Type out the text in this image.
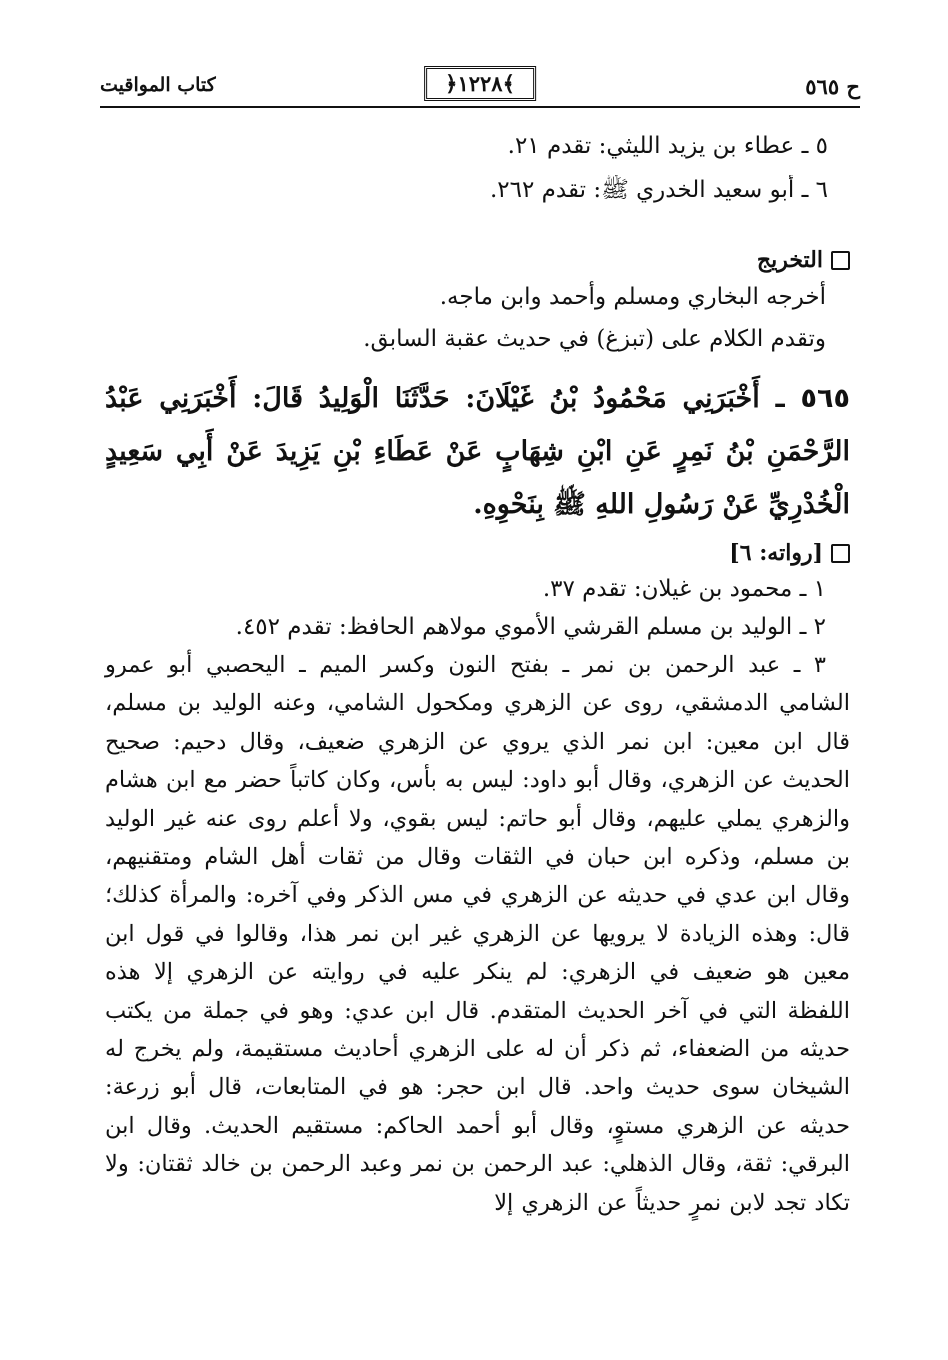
ح ٥٦٥
﴿١٢٢٨﴾
كتاب المواقيت
٥ ـ عطاء بن يزيد الليثي: تقدم ٢١.
٦ ـ أبو سعيد الخدري ﷺ: تقدم ٢٦٢.
التخريج
أخرجه البخاري ومسلم وأحمد وابن ماجه.
وتقدم الكلام على (تبزغ) في حديث عقبة السابق.
٥٦٥ ـ أَخْبَرَنِي مَحْمُودُ بْنُ غَيْلَانَ: حَدَّثَنَا الْوَلِيدُ قَالَ: أَخْبَرَنِي عَبْدُ الرَّحْمَنِ بْنُ نَمِرٍ عَنِ ابْنِ شِهَابٍ عَنْ عَطَاءِ بْنِ يَزِيدَ عَنْ أَبِي سَعِيدٍ الْخُدْرِيِّ عَنْ رَسُولِ اللهِ ﷺ بِنَحْوِهِ.
[رواته: ٦]
١ ـ محمود بن غيلان: تقدم ٣٧.
٢ ـ الوليد بن مسلم القرشي الأموي مولاهم الحافظ: تقدم ٤٥٢.
٣ ـ عبد الرحمن بن نمر ـ بفتح النون وكسر الميم ـ اليحصبي أبو عمرو الشامي الدمشقي، روى عن الزهري ومكحول الشامي، وعنه الوليد بن مسلم، قال ابن معين: ابن نمر الذي يروي عن الزهري ضعيف، وقال دحيم: صحيح الحديث عن الزهري، وقال أبو داود: ليس به بأس، وكان كاتباً حضر مع ابن هشام والزهري يملي عليهم، وقال أبو حاتم: ليس بقوي، ولا أعلم روى عنه غير الوليد بن مسلم، وذكره ابن حبان في الثقات وقال من ثقات أهل الشام ومتقنيهم، وقال ابن عدي في حديثه عن الزهري في مس الذكر وفي آخره: والمرأة كذلك؛ قال: وهذه الزيادة لا يرويها عن الزهري غير ابن نمر هذا، وقالوا في قول ابن معين هو ضعيف في الزهري: لم ينكر عليه في روايته عن الزهري إلا هذه اللفظة التي في آخر الحديث المتقدم. قال ابن عدي: وهو في جملة من يكتب حديثه من الضعفاء، ثم ذكر أن له على الزهري أحاديث مستقيمة، ولم يخرج له الشيخان سوى حديث واحد. قال ابن حجر: هو في المتابعات، قال أبو زرعة: حديثه عن الزهري مستوٍ، وقال أبو أحمد الحاكم: مستقيم الحديث. وقال ابن البرقي: ثقة، وقال الذهلي: عبد الرحمن بن نمر وعبد الرحمن بن خالد ثقتان: ولا تكاد تجد لابن نمرٍ حديثاً عن الزهري إلا
